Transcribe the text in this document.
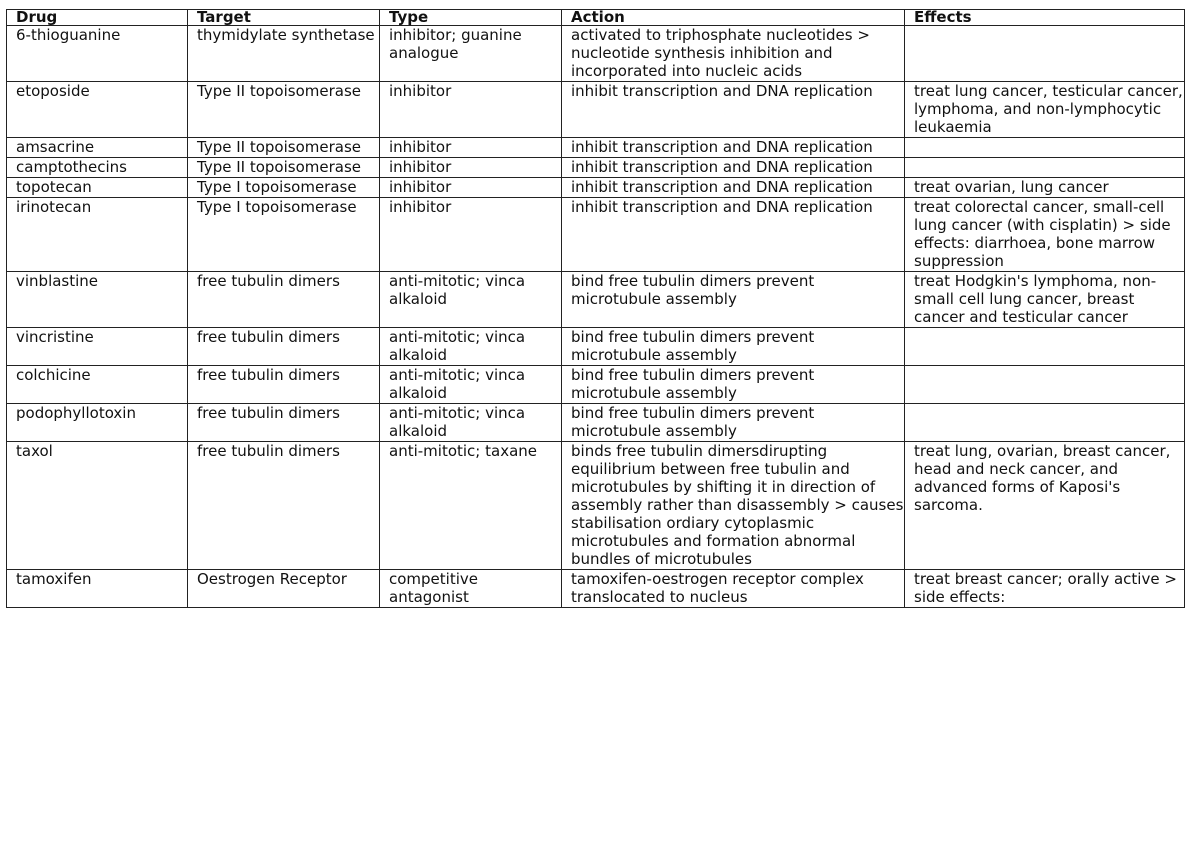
Drug	Target	Type	Action	Effects
6-thioguanine	thymidylate synthetase	inhibitor; guanine analogue	activated to triphosphate nucleotides > nucleotide synthesis inhibition and incorporated into nucleic acids	
etoposide	Type II topoisomerase	inhibitor	inhibit transcription and DNA replication	treat lung cancer, testicular cancer, lymphoma, and non-lymphocytic leukaemia
amsacrine	Type II topoisomerase	inhibitor	inhibit transcription and DNA replication	
camptothecins	Type II topoisomerase	inhibitor	inhibit transcription and DNA replication	
topotecan	Type I topoisomerase	inhibitor	inhibit transcription and DNA replication	treat ovarian, lung cancer
irinotecan	Type I topoisomerase	inhibitor	inhibit transcription and DNA replication	treat colorectal cancer, small-cell lung cancer (with cisplatin) > side effects: diarrhoea, bone marrow suppression
vinblastine	free tubulin dimers	anti-mitotic; vinca alkaloid	bind free tubulin dimers prevent microtubule assembly	treat Hodgkin's lymphoma, non-small cell lung cancer, breast cancer and testicular cancer
vincristine	free tubulin dimers	anti-mitotic; vinca alkaloid	bind free tubulin dimers prevent microtubule assembly	
colchicine	free tubulin dimers	anti-mitotic; vinca alkaloid	bind free tubulin dimers prevent microtubule assembly	
podophyllotoxin	free tubulin dimers	anti-mitotic; vinca alkaloid	bind free tubulin dimers prevent microtubule assembly	
taxol	free tubulin dimers	anti-mitotic; taxane	binds free tubulin dimersdirupting equilibrium between free tubulin and microtubules by shifting it in direction of assembly rather than disassembly > causes stabilisation ordiary cytoplasmic microtubules and formation abnormal bundles of microtubules	treat lung, ovarian, breast cancer, head and neck cancer, and advanced forms of Kaposi's sarcoma.
tamoxifen	Oestrogen Receptor	competitive antagonist	tamoxifen-oestrogen receptor complex translocated to nucleus	treat breast cancer; orally active > side effects:
